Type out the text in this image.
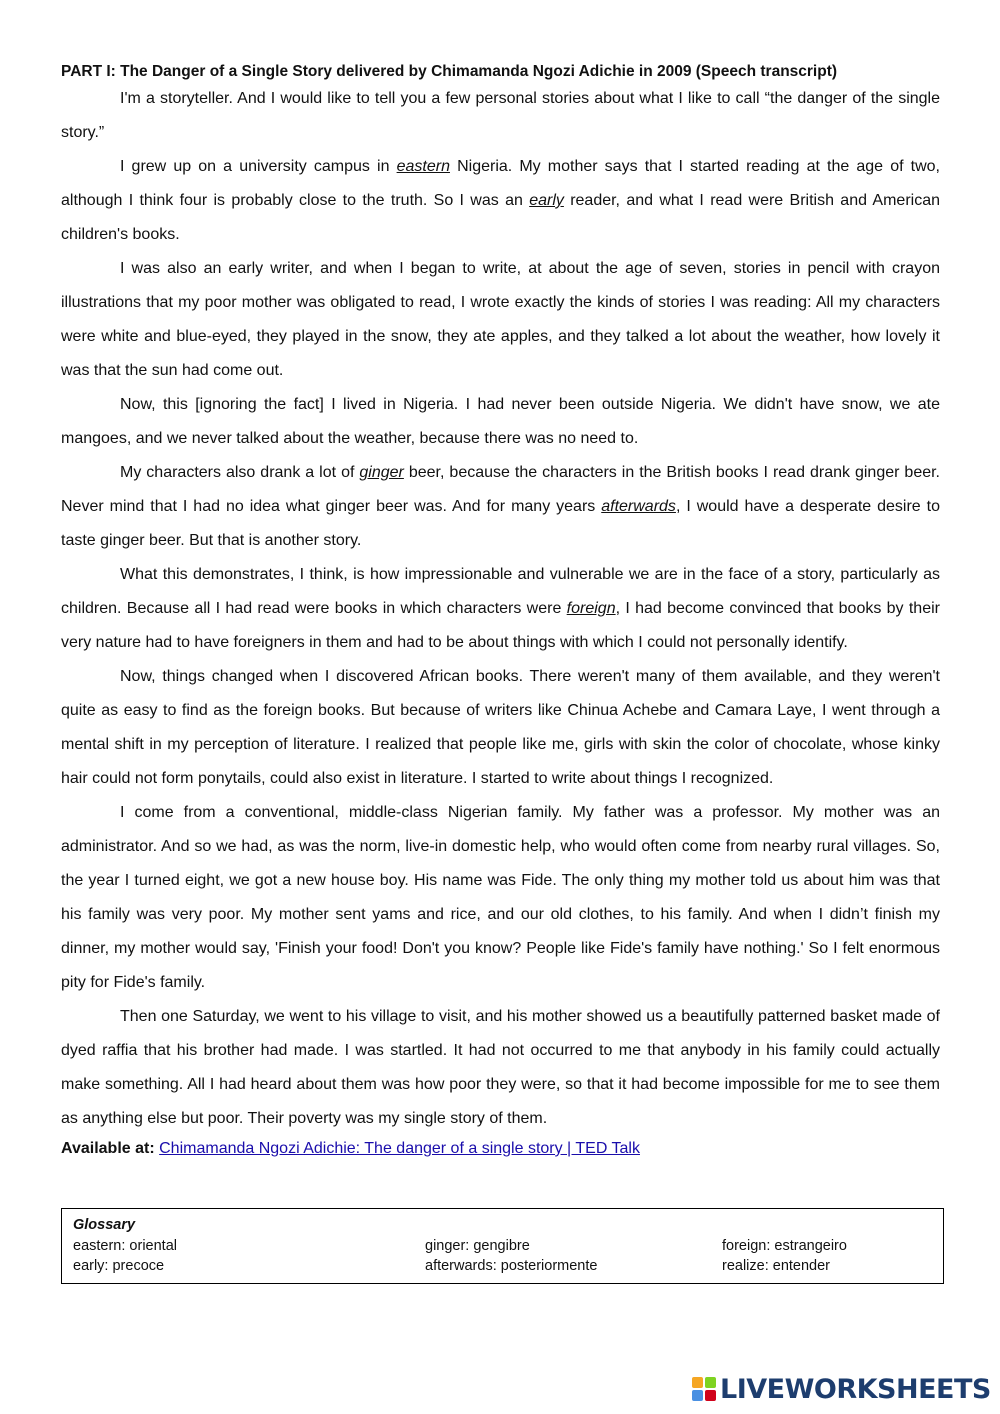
PART I: The Danger of a Single Story delivered by Chimamanda Ngozi Adichie in 2009 (Speech transcript)

I'm a storyteller. And I would like to tell you a few personal stories about what I like to call “the danger of the single story.”

I grew up on a university campus in eastern Nigeria. My mother says that I started reading at the age of two, although I think four is probably close to the truth. So I was an early reader, and what I read were British and American children's books.

I was also an early writer, and when I began to write, at about the age of seven, stories in pencil with crayon illustrations that my poor mother was obligated to read, I wrote exactly the kinds of stories I was reading: All my characters were white and blue-eyed, they played in the snow, they ate apples, and they talked a lot about the weather, how lovely it was that the sun had come out.

Now, this [ignoring the fact] I lived in Nigeria. I had never been outside Nigeria. We didn't have snow, we ate mangoes, and we never talked about the weather, because there was no need to.

My characters also drank a lot of ginger beer, because the characters in the British books I read drank ginger beer. Never mind that I had no idea what ginger beer was. And for many years afterwards, I would have a desperate desire to taste ginger beer. But that is another story.

What this demonstrates, I think, is how impressionable and vulnerable we are in the face of a story, particularly as children. Because all I had read were books in which characters were foreign, I had become convinced that books by their very nature had to have foreigners in them and had to be about things with which I could not personally identify.

Now, things changed when I discovered African books. There weren't many of them available, and they weren't quite as easy to find as the foreign books. But because of writers like Chinua Achebe and Camara Laye, I went through a mental shift in my perception of literature. I realized that people like me, girls with skin the color of chocolate, whose kinky hair could not form ponytails, could also exist in literature. I started to write about things I recognized.

I come from a conventional, middle-class Nigerian family. My father was a professor. My mother was an administrator. And so we had, as was the norm, live-in domestic help, who would often come from nearby rural villages. So, the year I turned eight, we got a new house boy. His name was Fide. The only thing my mother told us about him was that his family was very poor. My mother sent yams and rice, and our old clothes, to his family. And when I didn’t finish my dinner, my mother would say, 'Finish your food! Don't you know? People like Fide's family have nothing.' So I felt enormous pity for Fide's family.

Then one Saturday, we went to his village to visit, and his mother showed us a beautifully patterned basket made of dyed raffia that his brother had made. I was startled. It had not occurred to me that anybody in his family could actually make something. All I had heard about them was how poor they were, so that it had become impossible for me to see them as anything else but poor. Their poverty was my single story of them.

Available at: Chimamanda Ngozi Adichie: The danger of a single story | TED Talk
Glossary
eastern: oriental	ginger: gengibre	foreign: estrangeiro
early: precoce	afterwards: posteriormente	realize: entender
LIVEWORKSHEETS
